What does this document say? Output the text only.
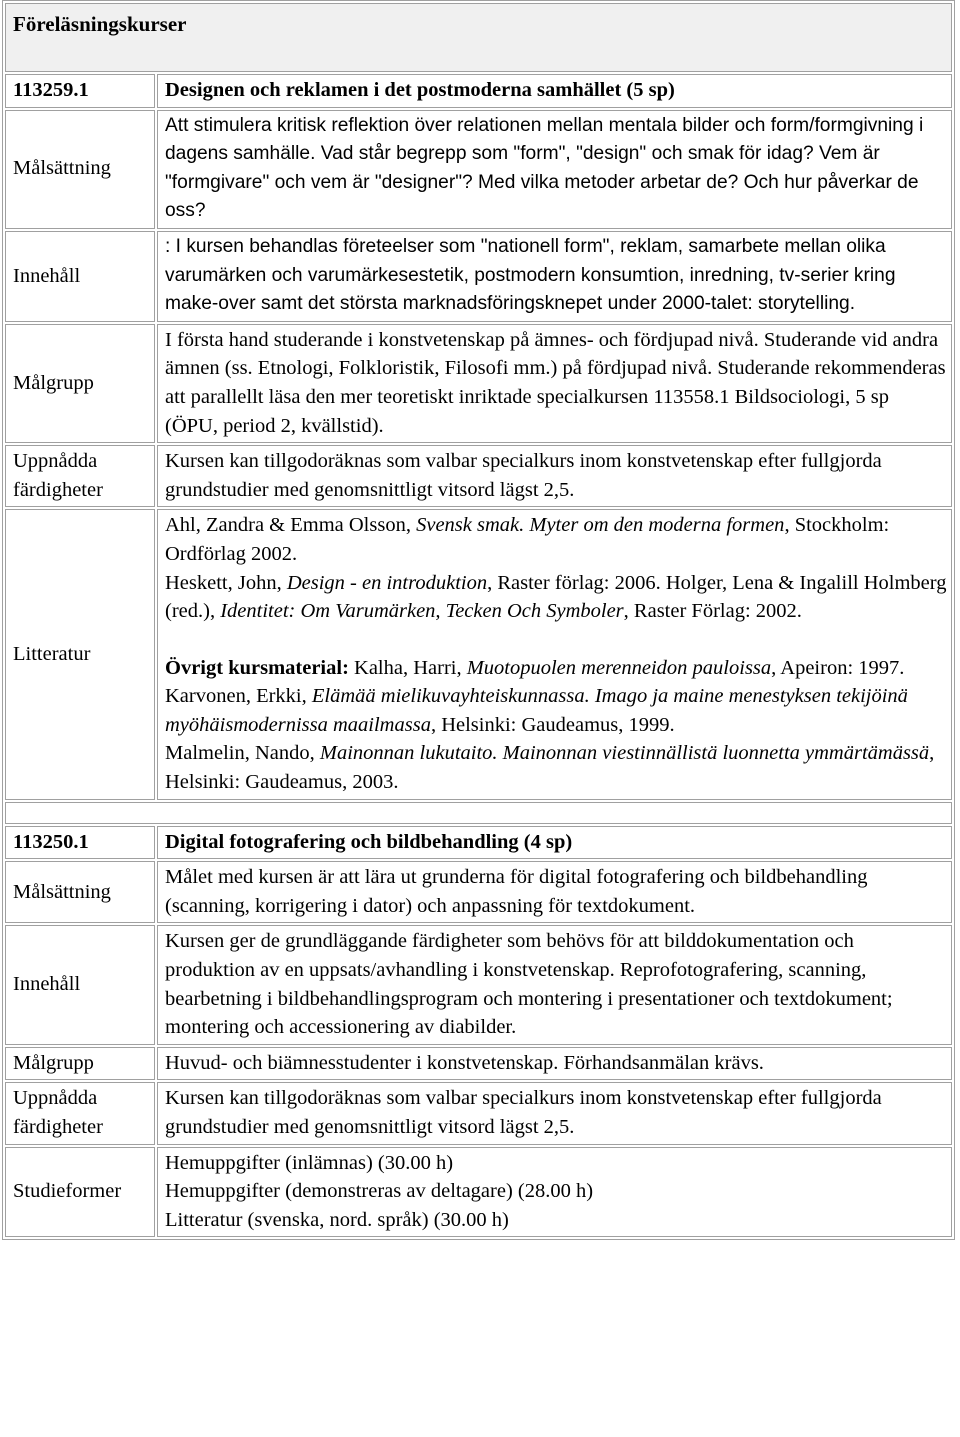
Föreläsningskurser	
113259.1	Designen och reklamen i det postmoderna samhället (5 sp)
Målsättning	Att stimulera kritisk reflektion över relationen mellan mentala bilder och form/formgivning i dagens samhälle. Vad står begrepp som "form", "design" och smak för idag? Vem är "formgivare" och vem är "designer"? Med vilka metoder arbetar de? Och hur påverkar de oss?
Innehåll	: I kursen behandlas företeelser som "nationell form", reklam, samarbete mellan olika varumärken och varumärkesestetik, postmodern konsumtion, inredning, tv-serier kring make-over samt det största marknadsföringsknepet under 2000-talet: storytelling.
Målgrupp	I första hand studerande i konstvetenskap på ämnes- och fördjupad nivå. Studerande vid andra ämnen (ss. Etnologi, Folkloristik, Filosofi mm.) på fördjupad nivå. Studerande rekommenderas att parallellt läsa den mer teoretiskt inriktade specialkursen 113558.1 Bildsociologi, 5 sp (ÖPU, period 2, kvällstid).
Uppnådda färdigheter	Kursen kan tillgodoräknas som valbar specialkurs inom konstvetenskap efter fullgjorda grundstudier med genomsnittligt vitsord lägst 2,5.
Litteratur	Ahl, Zandra & Emma Olsson, Svensk smak. Myter om den moderna formen, Stockholm: Ordförlag 2002.
Heskett, John, Design - en introduktion, Raster förlag: 2006. Holger, Lena & Ingalill Holmberg (red.), Identitet: Om Varumärken, Tecken Och Symboler, Raster Förlag: 2002.
Övrigt kursmaterial: Kalha, Harri, Muotopuolen merenneidon pauloissa, Apeiron: 1997.
Karvonen, Erkki, Elämää mielikuvayhteiskunnassa. Imago ja maine menestyksen tekijöinä myöhäismodernissa maailmassa, Helsinki: Gaudeamus, 1999.
Malmelin, Nando, Mainonnan lukutaito. Mainonnan viestinnällistä luonnetta ymmärtämässä, Helsinki: Gaudeamus, 2003.

113250.1	Digital fotografering och bildbehandling (4 sp)
Målsättning	Målet med kursen är att lära ut grunderna för digital fotografering och bildbehandling (scanning, korrigering i dator) och anpassning för textdokument.
Innehåll	Kursen ger de grundläggande färdigheter som behövs för att bilddokumentation och produktion av en uppsats/avhandling i konstvetenskap. Reprofotografering, scanning, bearbetning i bildbehandlingsprogram och montering i presentationer och textdokument; montering och accessionering av diabilder.
Målgrupp	Huvud- och biämnesstudenter i konstvetenskap. Förhandsanmälan krävs.
Uppnådda färdigheter	Kursen kan tillgodoräknas som valbar specialkurs inom konstvetenskap efter fullgjorda grundstudier med genomsnittligt vitsord lägst 2,5.
Studieformer	Hemuppgifter (inlämnas) (30.00 h)
Hemuppgifter (demonstreras av deltagare) (28.00 h)
Litteratur (svenska, nord. språk) (30.00 h)
